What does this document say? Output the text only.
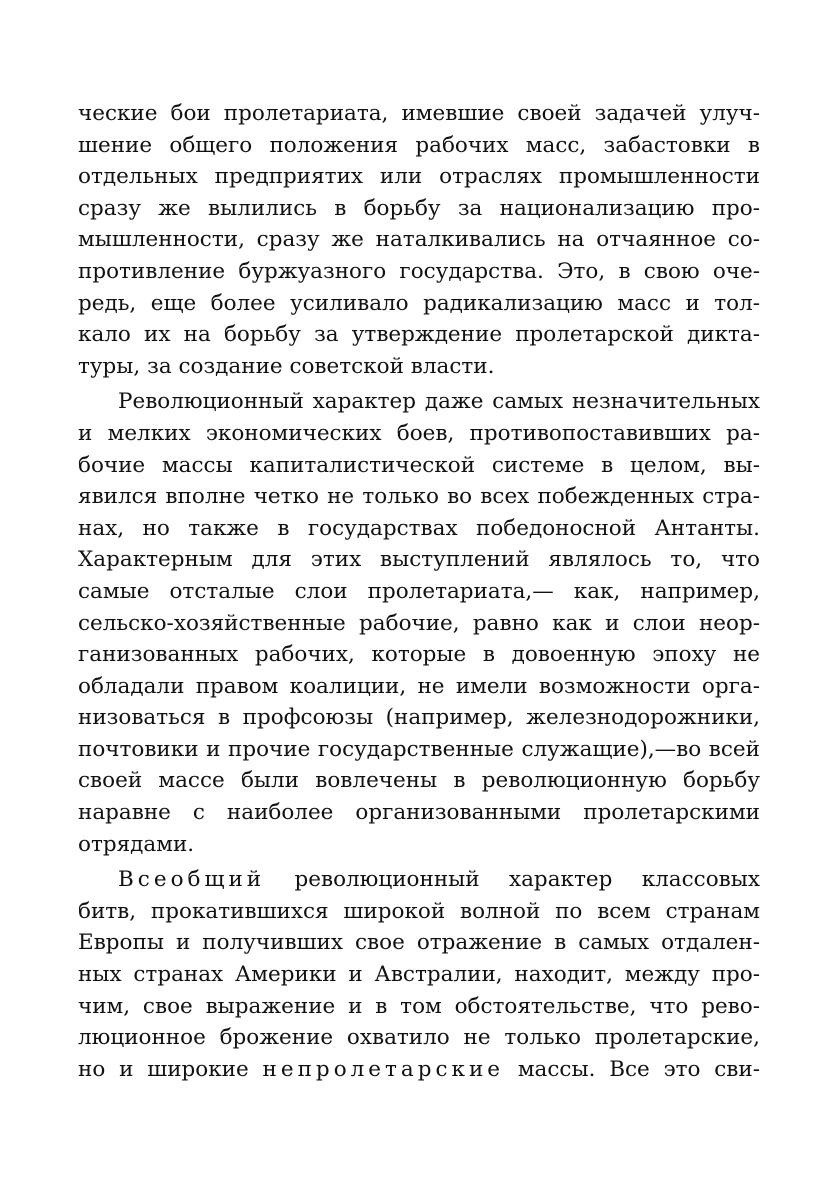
ческие бои пролетариата, имевшие своей задачей улуч-
шение общего положения рабочих масс, забастовки в
отдельных предприятих или отраслях промышленности
сразу же вылились в борьбу за национализацию про-
мышленности, сразу же наталкивались на отчаянное со-
противление буржуазного государства. Это, в свою оче-
редь, еще более усиливало радикализацию масс и тол-
кало их на борьбу за утверждение пролетарской дикта-
туры, за создание советской власти.
Революционный характер даже самых незначительных
и мелких экономических боев, противопоставивших ра-
бочие массы капиталистической системе в целом, вы-
явился вполне четко не только во всех побежденных стра-
нах, но также в государствах победоносной Антанты.
Характерным для этих выступлений являлось то, что
самые отсталые слои пролетариата,— как, например,
сельско-хозяйственные рабочие, равно как и слои неор-
ганизованных рабочих, которые в довоенную эпоху не
обладали правом коалиции, не имели возможности орга-
низоваться в профсоюзы (например, железнодорожники,
почтовики и прочие государственные служащие),—во всей
своей массе были вовлечены в революционную борьбу
наравне с наиболее организованными пролетарскими
отрядами.
Всеобщий революционный характер классовых
битв, прокатившихся широкой волной по всем странам
Европы и получивших свое отражение в самых отдален-
ных странах Америки и Австралии, находит, между про-
чим, свое выражение и в том обстоятельстве, что рево-
люционное брожение охватило не только пролетарские,
но и широкие непролетарские массы. Все это сви-
